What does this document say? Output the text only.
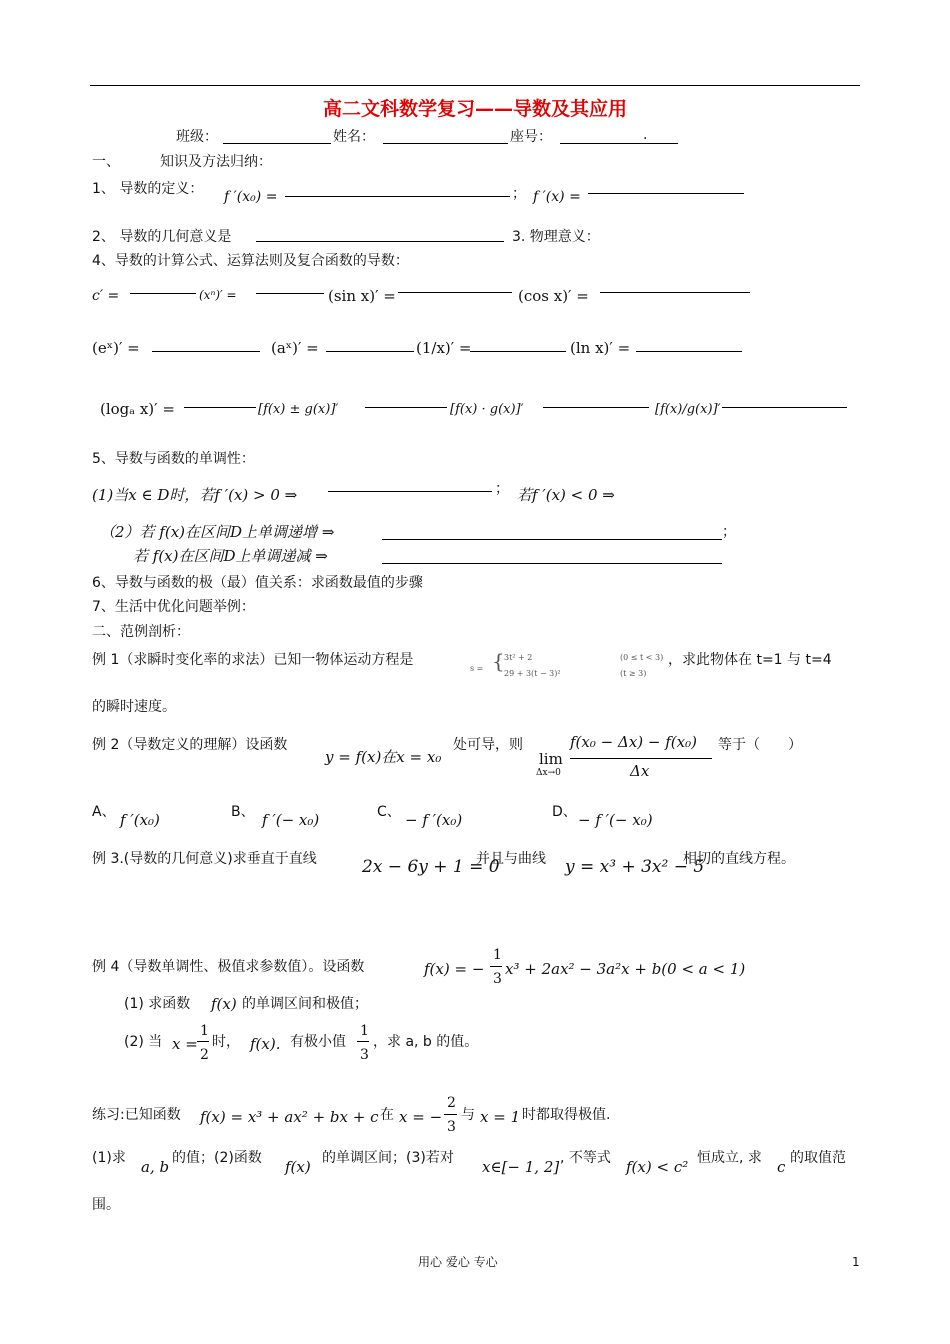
高二文科数学复习——导数及其应用
班级：	姓名：	座号：	.
一、	知识及方法归纳：
1、 导数的定义： f ′(x₀) =	； f ′(x) =
2、 导数的几何意义是	3. 物理意义：
4、导数的计算公式、运算法则及复合函数的导数：
c′ =	(xⁿ)′ =	(sin x)′ =	(cos x)′ =
(eˣ)′ =	(aˣ)′ =	(1/x)′ =	(ln x)′ =
(logₐ x)′ =	[f(x) ± g(x)]′	[f(x) · g(x)]′	[f(x)/g(x)]′
5、导数与函数的单调性：
(1)当x ∈ D时，若f ′(x) > 0 ⇒	； 若f ′(x) < 0 ⇒
（2）若 f(x)在区间D上单调递增 ⇒	；
若 f(x)在区间D上单调递减 ⇒
6、导数与函数的极（最）值关系：求函数最值的步骤
7、生活中优化问题举例：
二、范例剖析：
例 1（求瞬时变化率的求法）已知一物体运动方程是
s = { 3t² + 2	(0 ≤ t < 3)
29 + 3(t − 3)²	(t ≥ 3)
，求此物体在 t=1 与 t=4
的瞬时速度。
例 2（导数定义的理解）设函数
y = f(x)在x = x₀
处可导，则
lim
Δx→0
f(x₀ − Δx) − f(x₀)
Δx
等于（　　）
A、 f ′(x₀)	B、 f ′(− x₀)	C、 − f ′(x₀)	D、 − f ′(− x₀)
例 3.(导数的几何意义)求垂直于直线	2x − 6y + 1 = 0
并且与曲线 y = x³ + 3x² − 5
相切的直线方程。
例 4（导数单调性、极值求参数值）。设函数	f(x) = −
1
3
x³ + 2ax² − 3a²x + b(0 < a < 1)
(1) 求函数 f(x) 的单调区间和极值；
(2) 当 x =
1
2
时， f(x). 有极小值
1
3
，求 a, b 的值。
练习:已知函数 f(x) = x³ + ax² + bx + c 在 x = −
2
3
与 x = 1 时都取得极值.
(1)求 a, b 的值；(2)函数 f(x) 的单调区间；(3)若对 x∈[− 1, 2] , 不等式 f(x) < c² 恒成立, 求 c 的取值范
围。
用心 爱心 专心	1
